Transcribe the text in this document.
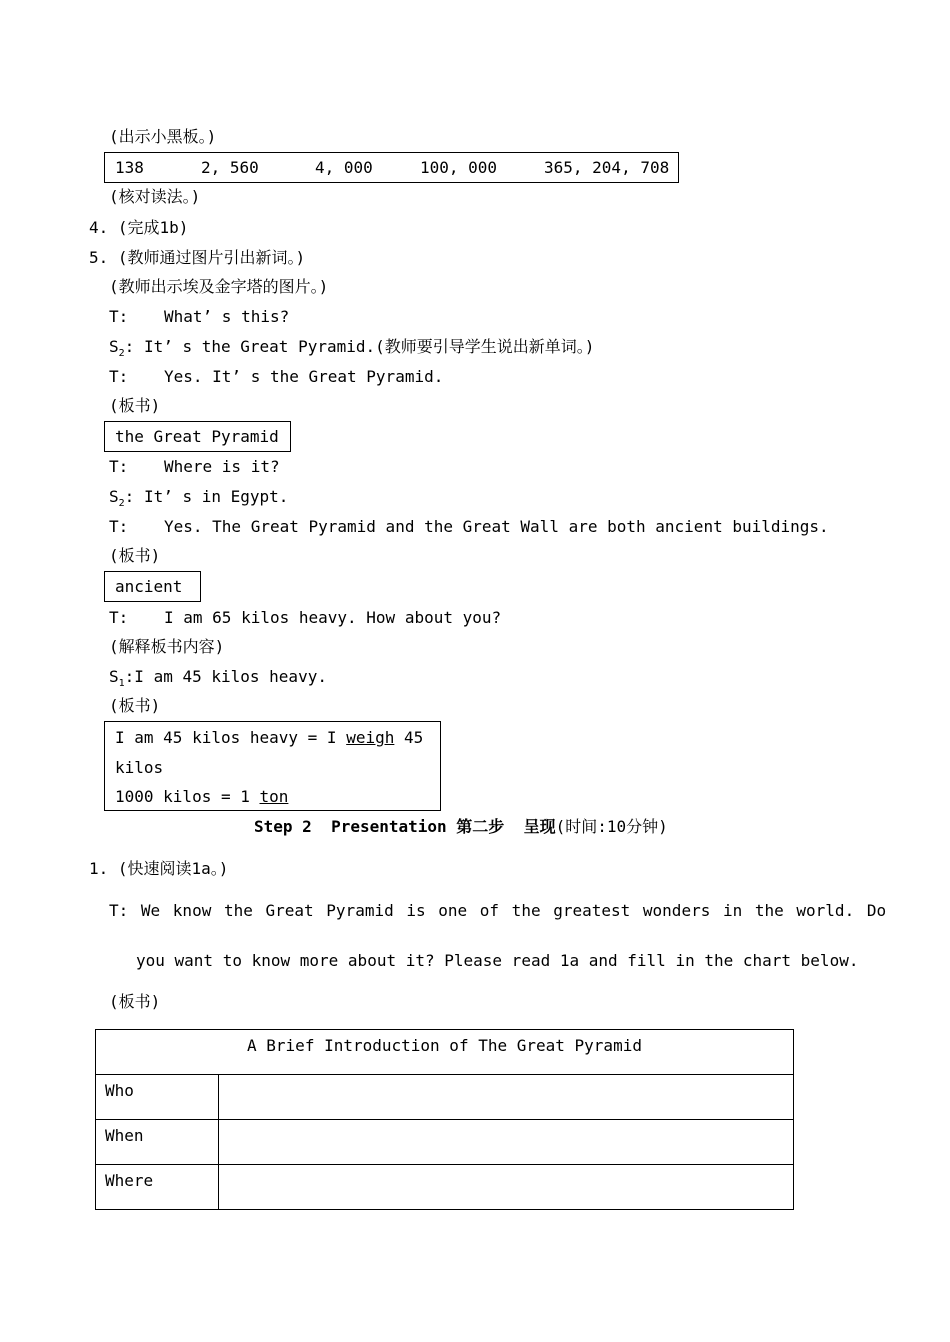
(出示小黑板。)
138	2, 560	4, 000	100, 000	365, 204, 708
(核对读法。)
4. (完成1b)
5. (教师通过图片引出新词。)
(教师出示埃及金字塔的图片。)
T: What’ s this?
$S_2$: It’ s the Great Pyramid.(教师要引导学生说出新单词。)
T: Yes. It’ s the Great Pyramid.
(板书)
the Great Pyramid
T: Where is it?
$S_2$: It’ s in Egypt.
T: Yes. The Great Pyramid and the Great Wall are both ancient buildings.
(板书)
ancient
T: I am 65 kilos heavy. How about you?
(解释板书内容)
$S_1:I$ am 45 kilos heavy.
(板书)
I am 45 kilos heavy = I weigh 45
kilos
1000 kilos = 1 ton
Step 2  Presentation 第二步  呈现(时间:10分钟)
1. (快速阅读1a。)
T: We know the Great Pyramid is one of the greatest wonders in the world. Do
you want to know more about it? Please read 1a and fill in the chart below.
(板书)
A Brief Introduction of The Great Pyramid	
Who	
When	
Where	
